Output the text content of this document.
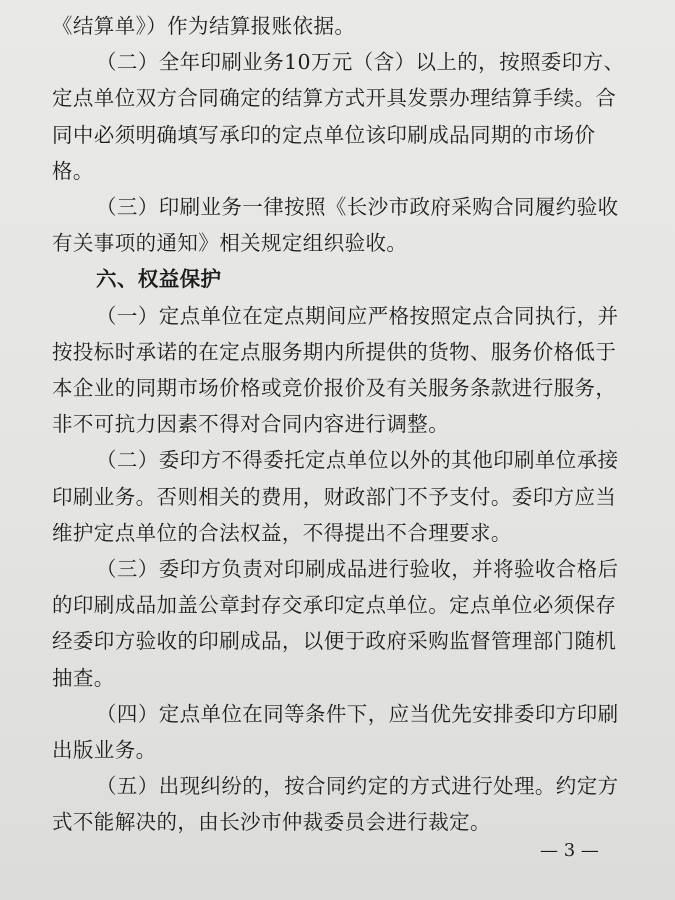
《结算单》）作为结算报账依据。
（二）全年印刷业务10万元（含）以上的，按照委印方、
定点单位双方合同确定的结算方式开具发票办理结算手续。合
同中必须明确填写承印的定点单位该印刷成品同期的市场价
格。
（三）印刷业务一律按照《长沙市政府采购合同履约验收
有关事项的通知》相关规定组织验收。
六、权益保护
（一）定点单位在定点期间应严格按照定点合同执行，并
按投标时承诺的在定点服务期内所提供的货物、服务价格低于
本企业的同期市场价格或竞价报价及有关服务条款进行服务，
非不可抗力因素不得对合同内容进行调整。
（二）委印方不得委托定点单位以外的其他印刷单位承接
印刷业务。否则相关的费用，财政部门不予支付。委印方应当
维护定点单位的合法权益，不得提出不合理要求。
（三）委印方负责对印刷成品进行验收，并将验收合格后
的印刷成品加盖公章封存交承印定点单位。定点单位必须保存
经委印方验收的印刷成品，以便于政府采购监督管理部门随机
抽查。
（四）定点单位在同等条件下，应当优先安排委印方印刷
出版业务。
（五）出现纠纷的，按合同约定的方式进行处理。约定方
式不能解决的，由长沙市仲裁委员会进行裁定。
— 3 —
